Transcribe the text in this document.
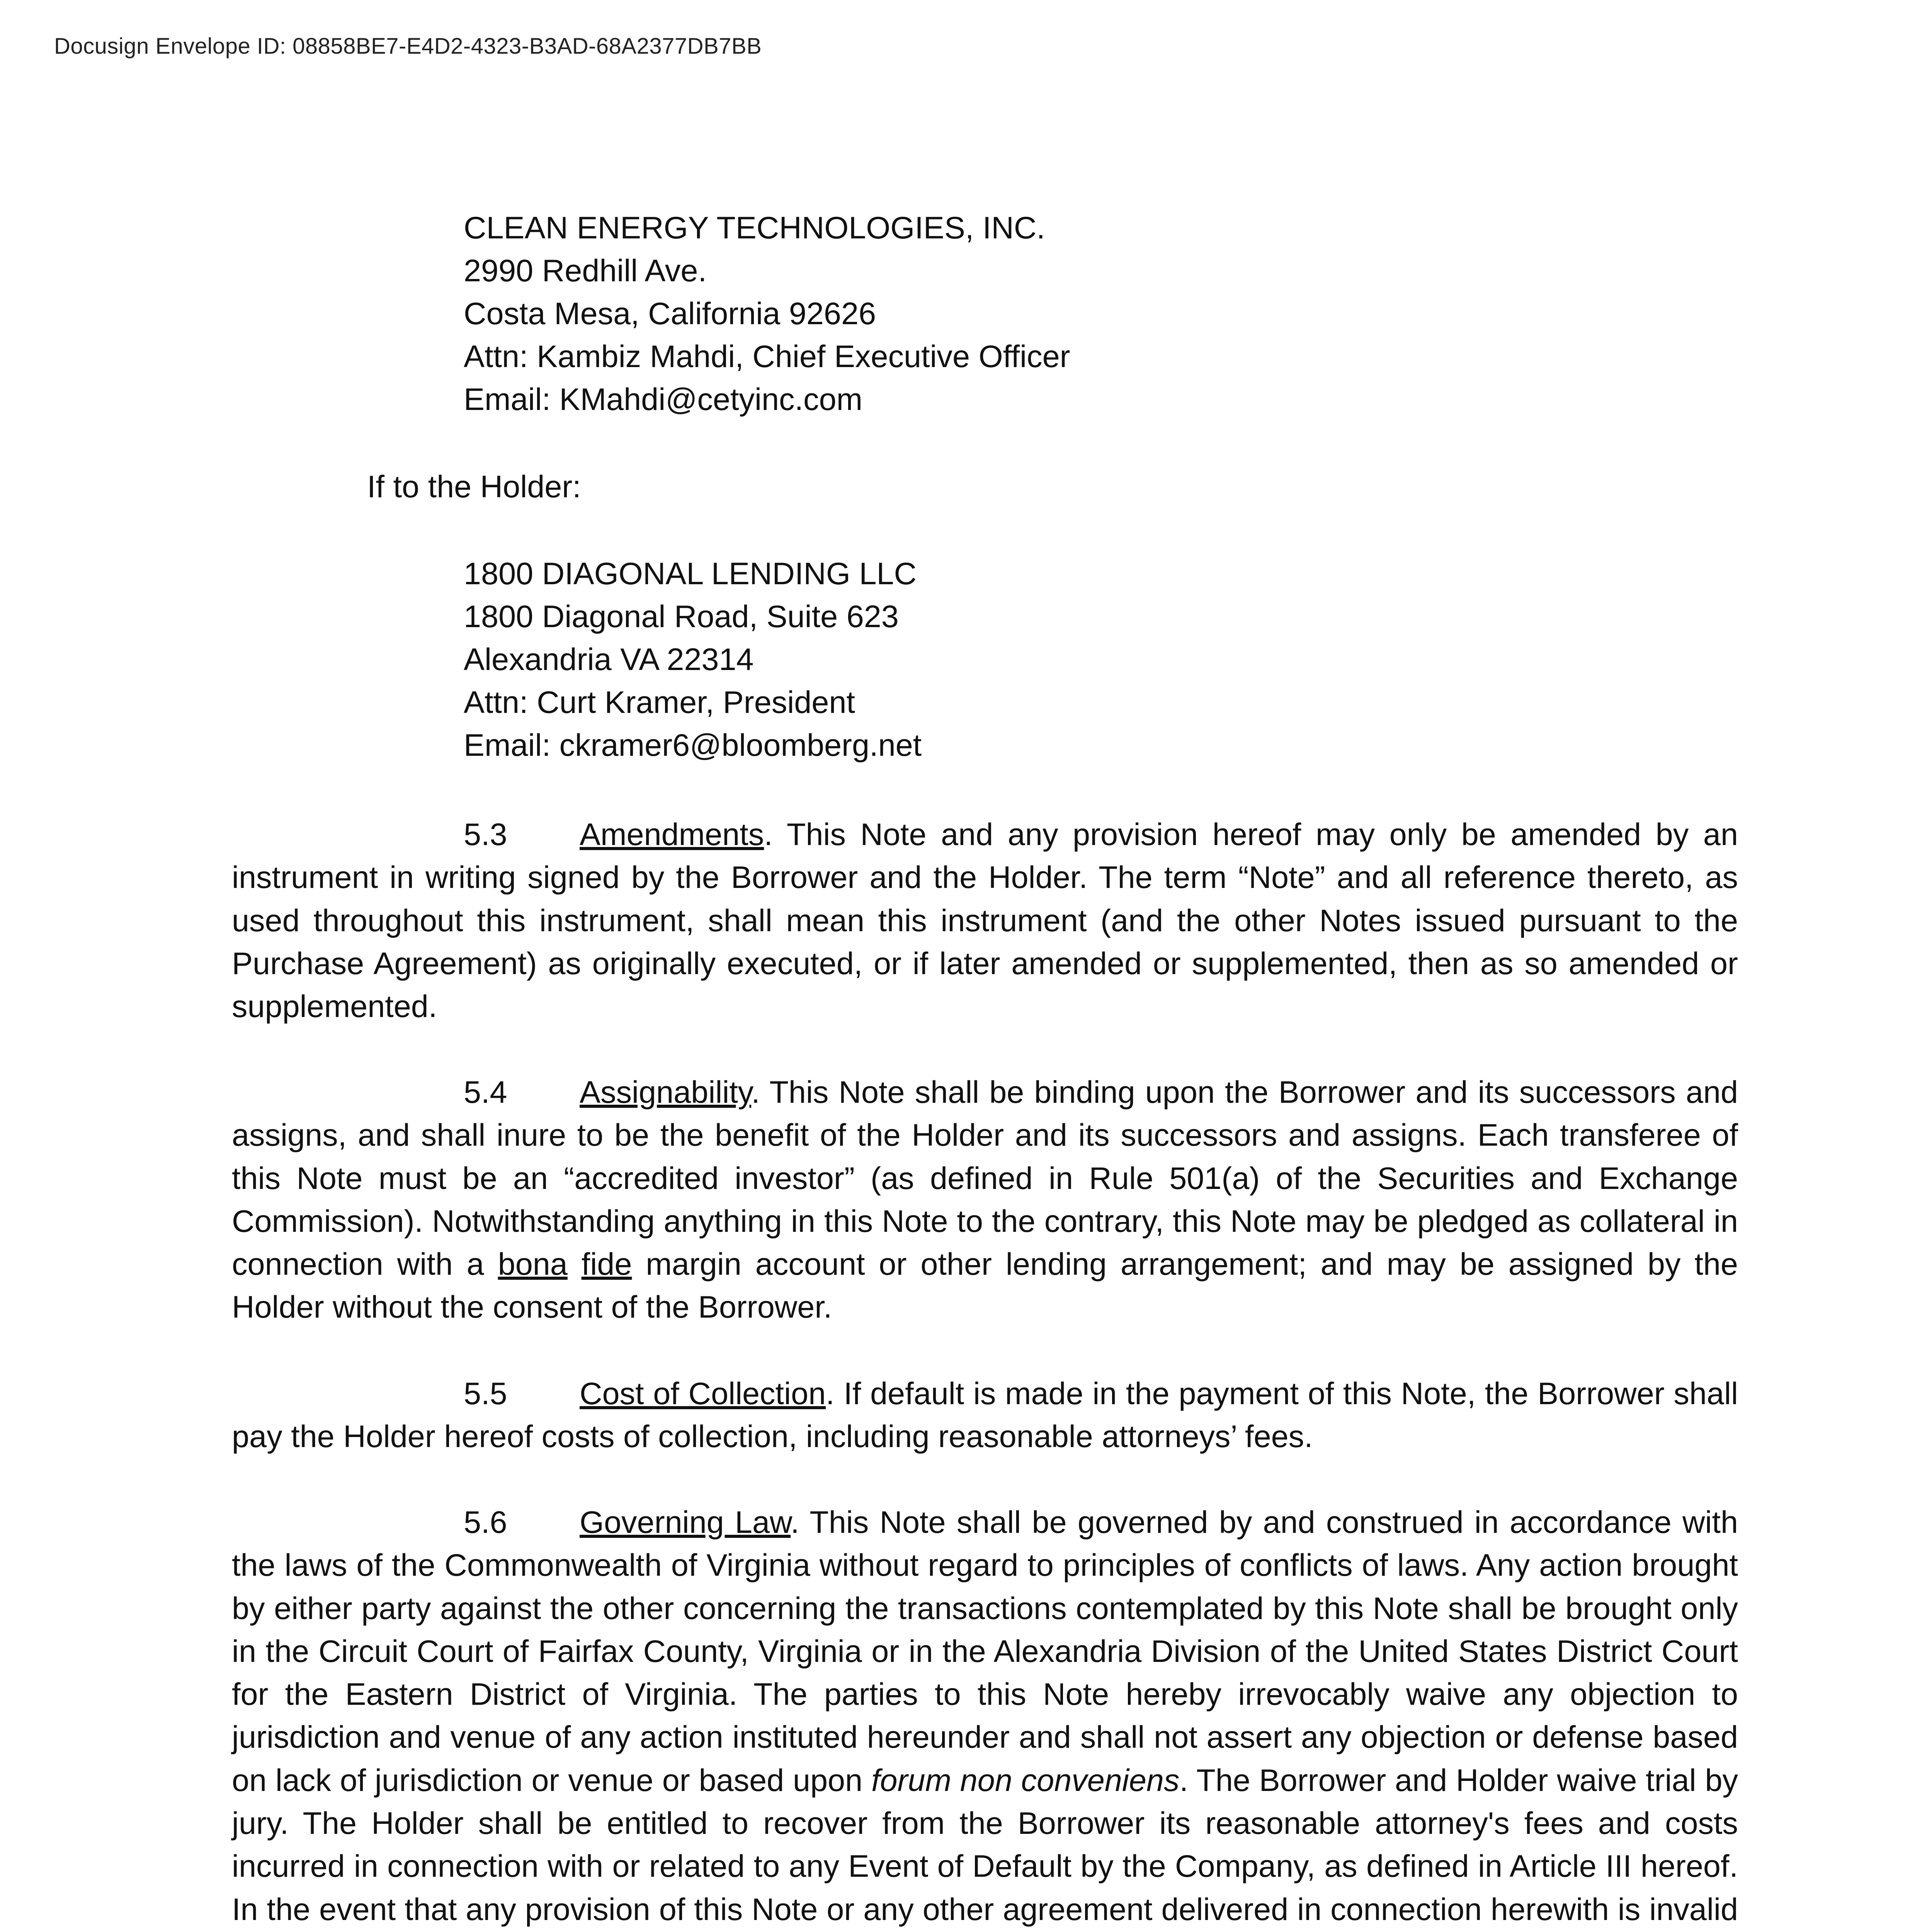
Docusign Envelope ID: 08858BE7-E4D2-4323-B3AD-68A2377DB7BB
CLEAN ENERGY TECHNOLOGIES, INC.
2990 Redhill Ave.
Costa Mesa, California 92626
Attn: Kambiz Mahdi, Chief Executive Officer
Email: KMahdi@cetyinc.com
If to the Holder:
1800 DIAGONAL LENDING LLC
1800 Diagonal Road, Suite 623
Alexandria VA 22314
Attn: Curt Kramer, President
Email: ckramer6@bloomberg.net
5.3 Amendments. This Note and any provision hereof may only be amended by an instrument in writing signed by the Borrower and the Holder. The term “Note” and all reference thereto, as used throughout this instrument, shall mean this instrument (and the other Notes issued pursuant to the Purchase Agreement) as originally executed, or if later amended or supplemented, then as so amended or supplemented.
5.4 Assignability. This Note shall be binding upon the Borrower and its successors and assigns, and shall inure to be the benefit of the Holder and its successors and assigns. Each transferee of this Note must be an “accredited investor” (as defined in Rule 501(a) of the Securities and Exchange Commission). Notwithstanding anything in this Note to the contrary, this Note may be pledged as collateral in connection with a bona fide margin account or other lending arrangement; and may be assigned by the Holder without the consent of the Borrower.
5.5 Cost of Collection. If default is made in the payment of this Note, the Borrower shall pay the Holder hereof costs of collection, including reasonable attorneys’ fees.
5.6 Governing Law. This Note shall be governed by and construed in accordance with the laws of the Commonwealth of Virginia without regard to principles of conflicts of laws. Any action brought by either party against the other concerning the transactions contemplated by this Note shall be brought only in the Circuit Court of Fairfax County, Virginia or in the Alexandria Division of the United States District Court for the Eastern District of Virginia. The parties to this Note hereby irrevocably waive any objection to jurisdiction and venue of any action instituted hereunder and shall not assert any objection or defense based on lack of jurisdiction or venue or based upon forum non conveniens. The Borrower and Holder waive trial by jury. The Holder shall be entitled to recover from the Borrower its reasonable attorney's fees and costs incurred in connection with or related to any Event of Default by the Company, as defined in Article III hereof. In the event that any provision of this Note or any other agreement delivered in connection herewith is invalid
